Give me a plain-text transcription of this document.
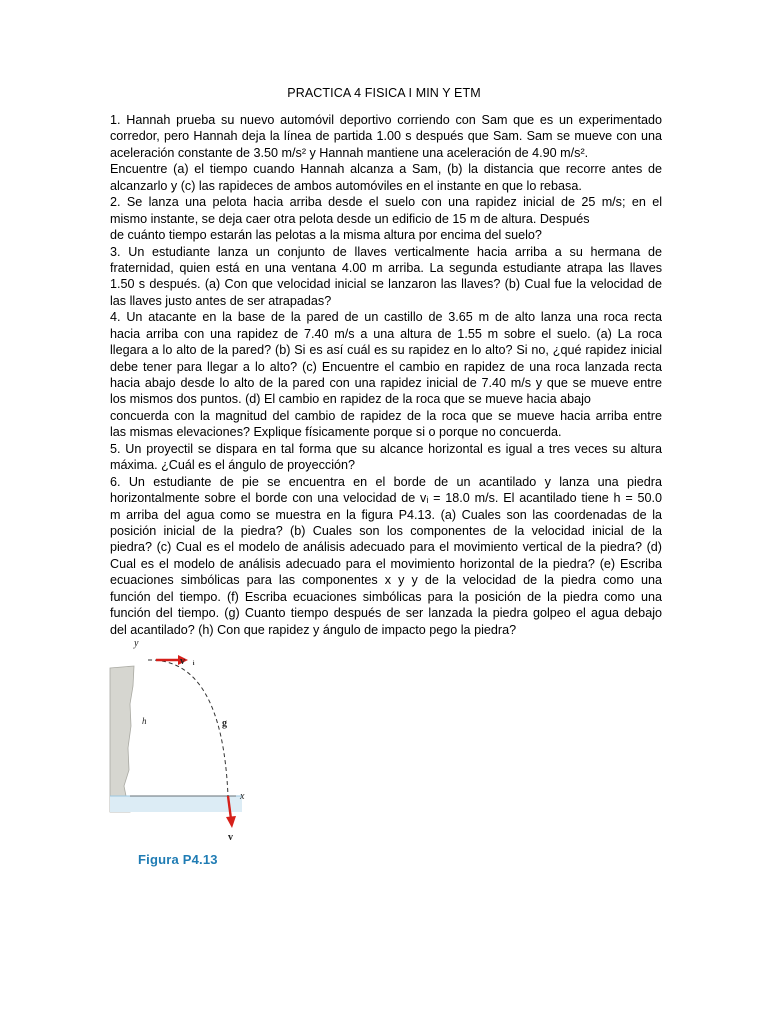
PRACTICA 4 FISICA I MIN Y ETM
1. Hannah prueba su nuevo automóvil deportivo corriendo con Sam que es un experimentado
corredor, pero Hannah deja la línea de partida 1.00 s después que Sam. Sam se mueve con una
aceleración constante de 3.50 m/s² y Hannah mantiene una aceleración de 4.90 m/s².
Encuentre (a) el tiempo cuando Hannah alcanza a Sam, (b) la distancia que recorre antes de
alcanzarlo y (c) las rapideces de ambos automóviles en el instante en que lo rebasa.
2. Se lanza una pelota hacia arriba desde el suelo con una rapidez inicial de 25 m/s; en el
mismo instante, se deja caer otra pelota desde un edificio de 15 m de altura. Después
de cuánto tiempo estarán las pelotas a la misma altura por encima del suelo?
3. Un estudiante lanza un conjunto de llaves verticalmente hacia arriba a su hermana de
fraternidad, quien está en una ventana 4.00 m arriba. La segunda estudiante atrapa las llaves
1.50 s después. (a) Con que velocidad inicial se lanzaron las llaves? (b) Cual fue la velocidad de
las llaves justo antes de ser atrapadas?
4. Un atacante en la base de la pared de un castillo de 3.65 m de alto lanza una roca recta
hacia arriba con una rapidez de 7.40 m/s a una altura de 1.55 m sobre el suelo. (a) La roca
llegara a lo alto de la pared? (b) Si es así cuál es su rapidez en lo alto? Si no, ¿qué rapidez inicial
debe tener para llegar a lo alto? (c) Encuentre el cambio en rapidez de una roca lanzada recta
hacia abajo desde lo alto de la pared con una rapidez inicial de 7.40 m/s y que se mueve entre
los mismos dos puntos. (d) El cambio en rapidez de la roca que se mueve hacia abajo
concuerda con la magnitud del cambio de rapidez de la roca que se mueve hacia arriba entre
las mismas elevaciones? Explique físicamente porque si o porque no concuerda.
5. Un proyectil se dispara en tal forma que su alcance horizontal es igual a tres veces su altura
máxima. ¿Cuál es el ángulo de proyección?
6. Un estudiante de pie se encuentra en el borde de un acantilado y lanza una piedra
horizontalmente sobre el borde con una velocidad de vᵢ = 18.0 m/s. El acantilado tiene h = 50.0
m arriba del agua como se muestra en la figura P4.13. (a) Cuales son las coordenadas de la
posición inicial de la piedra? (b) Cuales son los componentes de la velocidad inicial de la
piedra? (c) Cual es el modelo de análisis adecuado para el movimiento vertical de la piedra? (d)
Cual es el modelo de análisis adecuado para el movimiento horizontal de la piedra? (e) Escriba
ecuaciones simbólicas para las componentes x y y de la velocidad de la piedra como una
función del tiempo. (f) Escriba ecuaciones simbólicas para la posición de la piedra como una
función del tiempo. (g) Cuanto tiempo después de ser lanzada la piedra golpeo el agua debajo
del acantilado? (h) Con que rapidez y ángulo de impacto pego la piedra?
y
x
v⃗ᵢ
h	g⃗
v⃗
Figura P4.13
